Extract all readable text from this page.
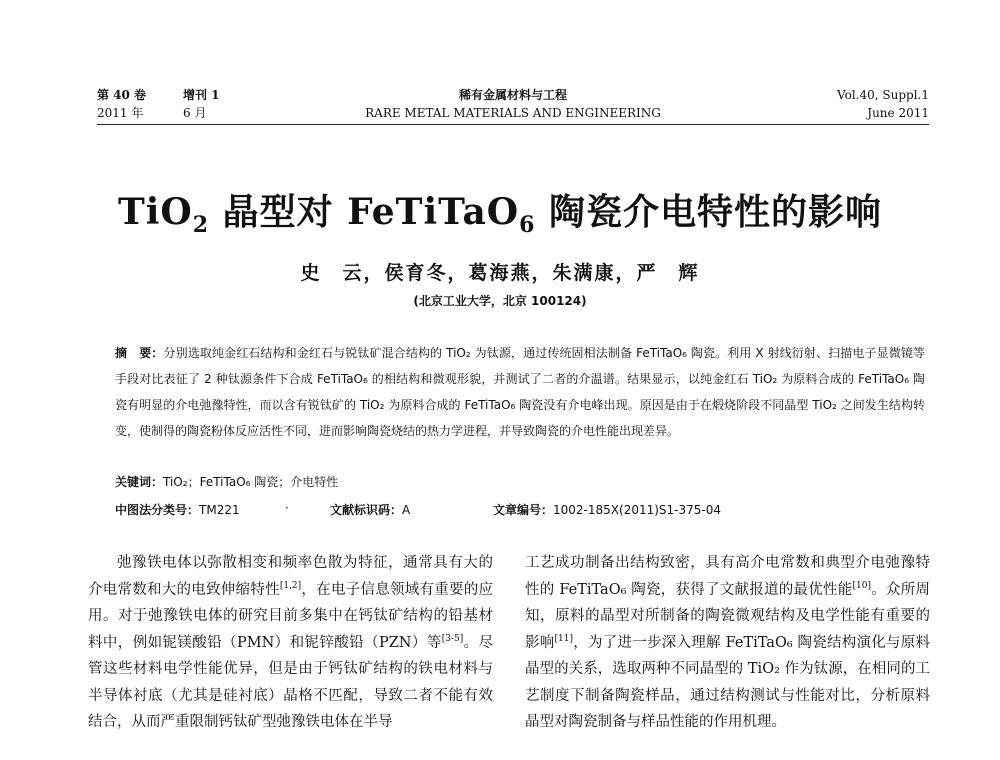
第 40 卷
2011 年
增刊 1
6 月
稀有金属材料与工程
RARE METAL MATERIALS AND ENGINEERING
Vol.40, Suppl.1
June 2011
TiO$_2$ 晶型对 FeTiTaO$_6$ 陶瓷介电特性的影响
史　云，侯育冬，葛海燕，朱满康，严　辉
(北京工业大学，北京 100124)
摘　要：分别选取纯金红石结构和金红石与锐钛矿混合结构的 TiO₂ 为钛源，通过传统固相法制备 FeTiTaO₆ 陶瓷。利用 X 射线衍射、扫描电子显微镜等手段对比表征了 2 种钛源条件下合成 FeTiTaO₆ 的相结构和微观形貌，并测试了二者的介温谱。结果显示，以纯金红石 TiO₂ 为原料合成的 FeTiTaO₆ 陶瓷有明显的介电弛豫特性，而以含有锐钛矿的 TiO₂ 为原料合成的 FeTiTaO₆ 陶瓷没有介电峰出现。原因是由于在煅烧阶段不同晶型 TiO₂ 之间发生结构转变，使制得的陶瓷粉体反应活性不同，进而影响陶瓷烧结的热力学进程，并导致陶瓷的介电性能出现差异。
关键词：TiO₂；FeTiTaO₆ 陶瓷；介电特性
中图法分类号：TM221	·	文献标识码：A	文章编号：1002-185X(2011)S1-375-04
弛豫铁电体以弥散相变和频率色散为特征，通常具有大的介电常数和大的电致伸缩特性[1,2]，在电子信息领域有重要的应用。对于弛豫铁电体的研究目前多集中在钙钛矿结构的铅基材料中，例如铌镁酸铅（PMN）和铌锌酸铅（PZN）等[3-5]。尽管这些材料电学性能优异，但是由于钙钛矿结构的铁电材料与半导体衬底（尤其是硅衬底）晶格不匹配，导致二者不能有效结合，从而严重限制钙钛矿型弛豫铁电体在半导
工艺成功制备出结构致密，具有高介电常数和典型介电弛豫特性的 FeTiTaO₆ 陶瓷，获得了文献报道的最优性能[10]。众所周知，原料的晶型对所制备的陶瓷微观结构及电学性能有重要的影响[11]，为了进一步深入理解 FeTiTaO₆ 陶瓷结构演化与原料晶型的关系，选取两种不同晶型的 TiO₂ 作为钛源，在相同的工艺制度下制备陶瓷样品，通过结构测试与性能对比，分析原料晶型对陶瓷制备与样品性能的作用机理。
